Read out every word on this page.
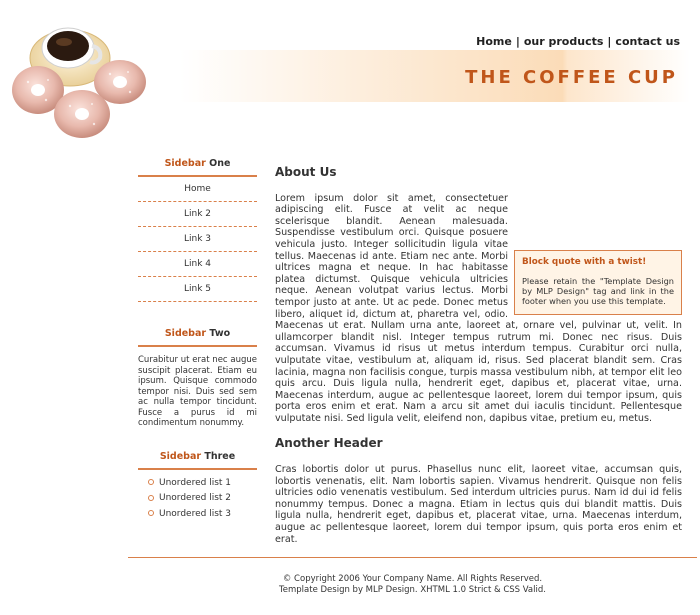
Home | our products | contact us
THE COFFEE CUP
Sidebar One
Home
Link 2
Link 3
Link 4
Link 5
Sidebar Two
Curabitur ut erat nec augue suscipit placerat. Etiam eu ipsum. Quisque commodo tempor nisi. Duis sed sem ac nulla tempor tincidunt. Fusce a purus id mi condimentum nonummy.
Sidebar Three
Unordered list 1
Unordered list 2
Unordered list 3
About Us

Block quote with a twist!
Please retain the "Template Design by MLP Design" tag and link in the footer when you use this template.
Lorem ipsum dolor sit amet, consectetuer adipiscing elit. Fusce at velit ac neque scelerisque blandit. Aenean malesuada. Suspendisse vestibulum orci. Quisque posuere vehicula justo. Integer sollicitudin ligula vitae tellus. Maecenas id ante. Etiam nec ante. Morbi ultrices magna et neque. In hac habitasse platea dictumst. Quisque vehicula ultricies neque. Aenean volutpat varius lectus. Morbi tempor justo at ante. Ut ac pede. Donec metus libero, aliquet id, dictum at, pharetra vel, odio. Maecenas ut erat. Nullam urna ante, laoreet at, ornare vel, pulvinar ut, velit. In ullamcorper blandit nisl. Integer tempus rutrum mi. Donec nec risus. Duis accumsan. Vivamus id risus ut metus interdum tempus. Curabitur orci nulla, vulputate vitae, vestibulum at, aliquam id, risus. Sed placerat blandit sem. Cras lacinia, magna non facilisis congue, turpis massa vestibulum nibh, at tempor elit leo quis arcu. Duis ligula nulla, hendrerit eget, dapibus et, placerat vitae, urna. Maecenas interdum, augue ac pellentesque laoreet, lorem dui tempor ipsum, quis porta eros enim et erat. Nam a arcu sit amet dui iaculis tincidunt. Pellentesque vulputate nisi. Sed ligula velit, eleifend non, dapibus vitae, pretium eu, metus.

Another Header

Cras lobortis dolor ut purus. Phasellus nunc elit, laoreet vitae, accumsan quis, lobortis venenatis, elit. Nam lobortis sapien. Vivamus hendrerit. Quisque non felis ultricies odio venenatis vestibulum. Sed interdum ultricies purus. Nam id dui id felis nonummy tempus. Donec a magna. Etiam in lectus quis dui blandit mattis. Duis ligula nulla, hendrerit eget, dapibus et, placerat vitae, urna. Maecenas interdum, augue ac pellentesque laoreet, lorem dui tempor ipsum, quis porta eros enim et erat.

© Copyright 2006 Your Company Name. All Rights Reserved.
Template Design by MLP Design. XHTML 1.0 Strict & CSS Valid.
